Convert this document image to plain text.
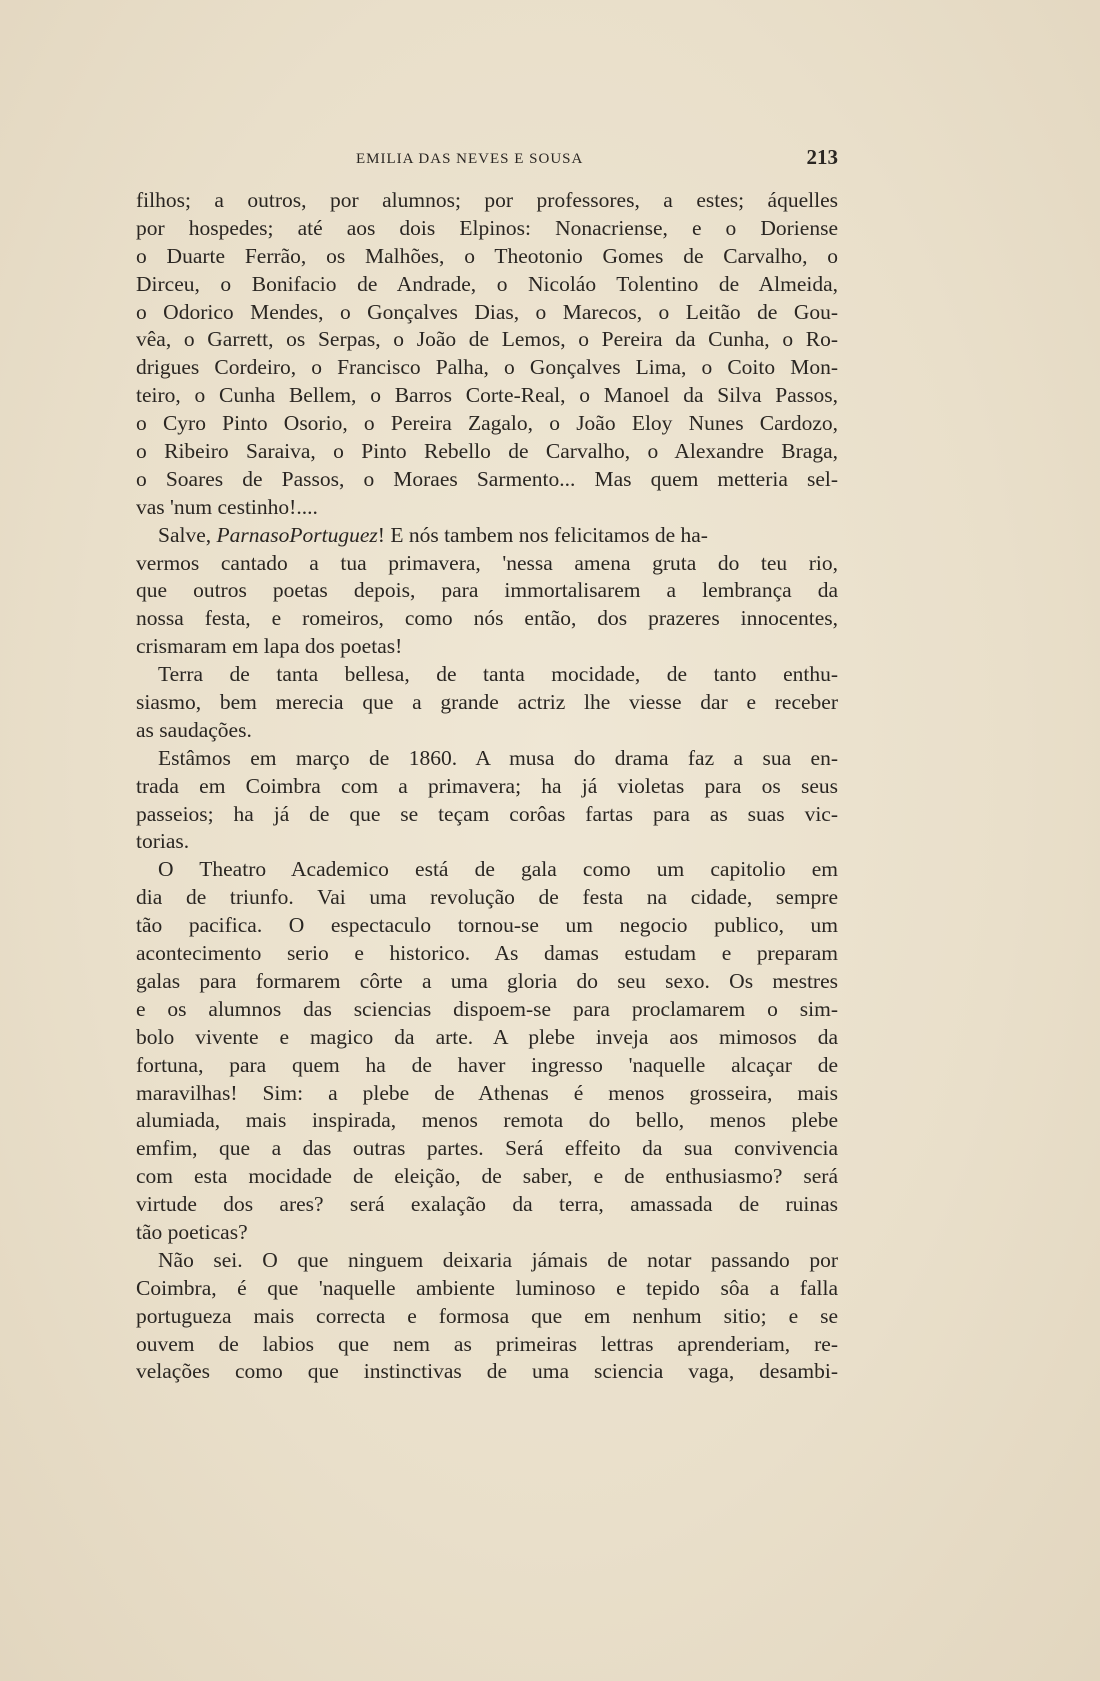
EMILIA DAS NEVES E SOUSA	213
filhos; a outros, por alumnos; por professores, a estes; áquelles
por hospedes; até aos dois Elpinos: Nonacriense, e o Doriense
o Duarte Ferrão, os Malhões, o Theotonio Gomes de Carvalho, o
Dirceu, o Bonifacio de Andrade, o Nicoláo Tolentino de Almeida,
o Odorico Mendes, o Gonçalves Dias, o Marecos, o Leitão de Gou-
vêa, o Garrett, os Serpas, o João de Lemos, o Pereira da Cunha, o Ro-
drigues Cordeiro, o Francisco Palha, o Gonçalves Lima, o Coito Mon-
teiro, o Cunha Bellem, o Barros Corte-Real, o Manoel da Silva Passos,
o Cyro Pinto Osorio, o Pereira Zagalo, o João Eloy Nunes Cardozo,
o Ribeiro Saraiva, o Pinto Rebello de Carvalho, o Alexandre Braga,
o Soares de Passos, o Moraes Sarmento... Mas quem metteria sel-
vas 'num cestinho!....
Salve, ParnasoPortuguez! E nós tambem nos felicitamos de ha-
vermos cantado a tua primavera, 'nessa amena gruta do teu rio,
que outros poetas depois, para immortalisarem a lembrança da
nossa festa, e romeiros, como nós então, dos prazeres innocentes,
crismaram em lapa dos poetas!
Terra de tanta bellesa, de tanta mocidade, de tanto enthu-
siasmo, bem merecia que a grande actriz lhe viesse dar e receber
as saudações.
Estâmos em março de 1860. A musa do drama faz a sua en-
trada em Coimbra com a primavera; ha já violetas para os seus
passeios; ha já de que se teçam corôas fartas para as suas vic-
torias.
O Theatro Academico está de gala como um capitolio em
dia de triunfo. Vai uma revolução de festa na cidade, sempre
tão pacifica. O espectaculo tornou-se um negocio publico, um
acontecimento serio e historico. As damas estudam e preparam
galas para formarem côrte a uma gloria do seu sexo. Os mestres
e os alumnos das sciencias dispoem-se para proclamarem o sim-
bolo vivente e magico da arte. A plebe inveja aos mimosos da
fortuna, para quem ha de haver ingresso 'naquelle alcaçar de
maravilhas! Sim: a plebe de Athenas é menos grosseira, mais
alumiada, mais inspirada, menos remota do bello, menos plebe
emfim, que a das outras partes. Será effeito da sua convivencia
com esta mocidade de eleição, de saber, e de enthusiasmo? será
virtude dos ares? será exalação da terra, amassada de ruinas
tão poeticas?
Não sei. O que ninguem deixaria jámais de notar passando por
Coimbra, é que 'naquelle ambiente luminoso e tepido sôa a falla
portugueza mais correcta e formosa que em nenhum sitio; e se
ouvem de labios que nem as primeiras lettras aprenderiam, re-
velações como que instinctivas de uma sciencia vaga, desambi-
